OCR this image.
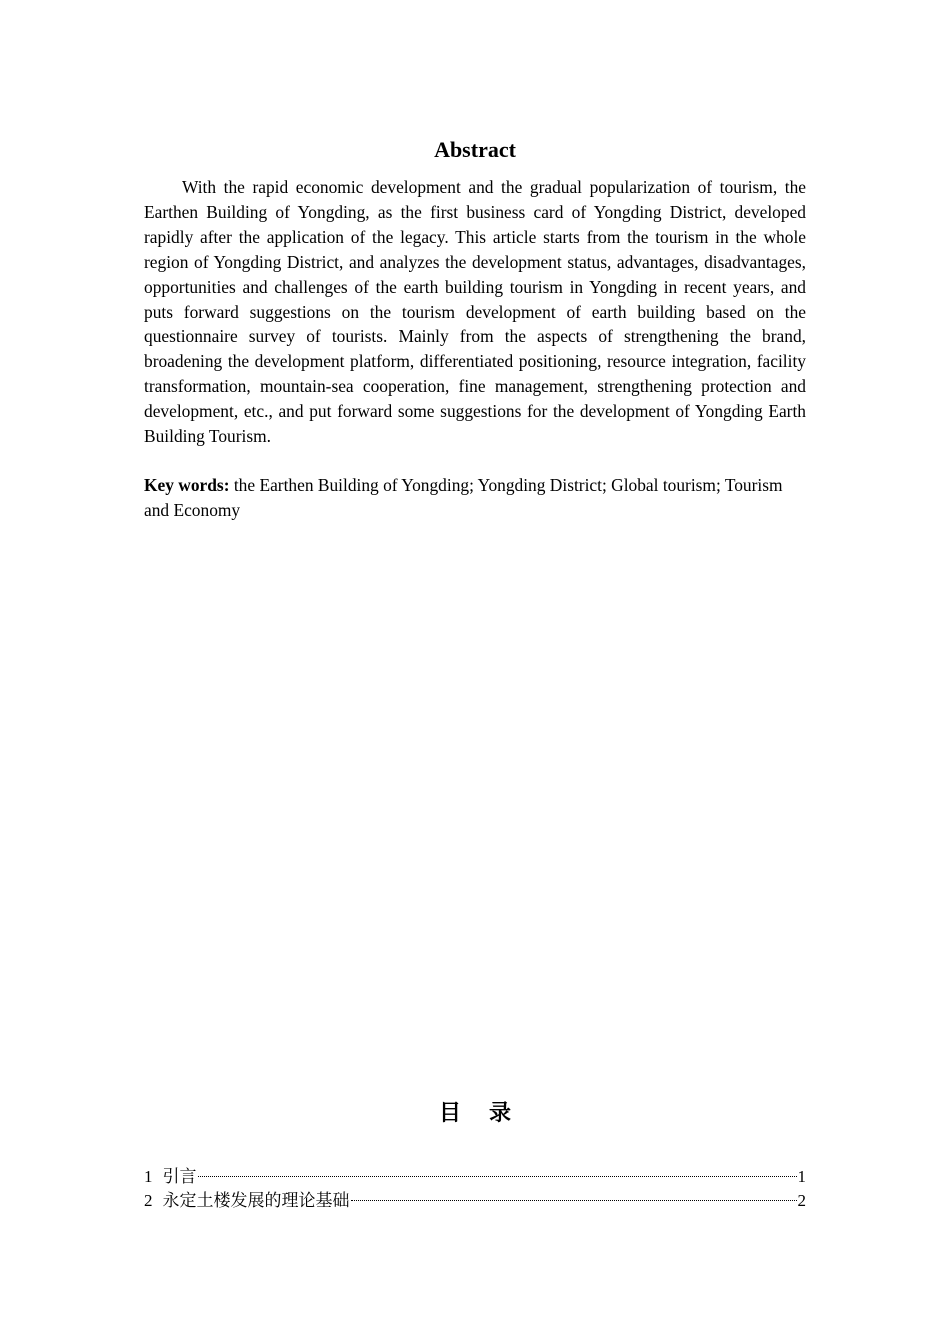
Abstract

With the rapid economic development and the gradual popularization of tourism, the Earthen Building of Yongding, as the first business card of Yongding District, developed rapidly after the application of the legacy. This article starts from the tourism in the whole region of Yongding District, and analyzes the development status, advantages, disadvantages, opportunities and challenges of the earth building tourism in Yongding in recent years, and puts forward suggestions on the tourism development of earth building based on the questionnaire survey of tourists. Mainly from the aspects of strengthening the brand, broadening the development platform, differentiated positioning, resource integration, facility transformation, mountain-sea cooperation, fine management, strengthening protection and development, etc., and put forward some suggestions for the development of Yongding Earth Building Tourism.

Key words: the Earthen Building of Yongding; Yongding District; Global tourism; Tourism and Economy

目录
1 引言	1
2 永定土楼发展的理论基础	2
